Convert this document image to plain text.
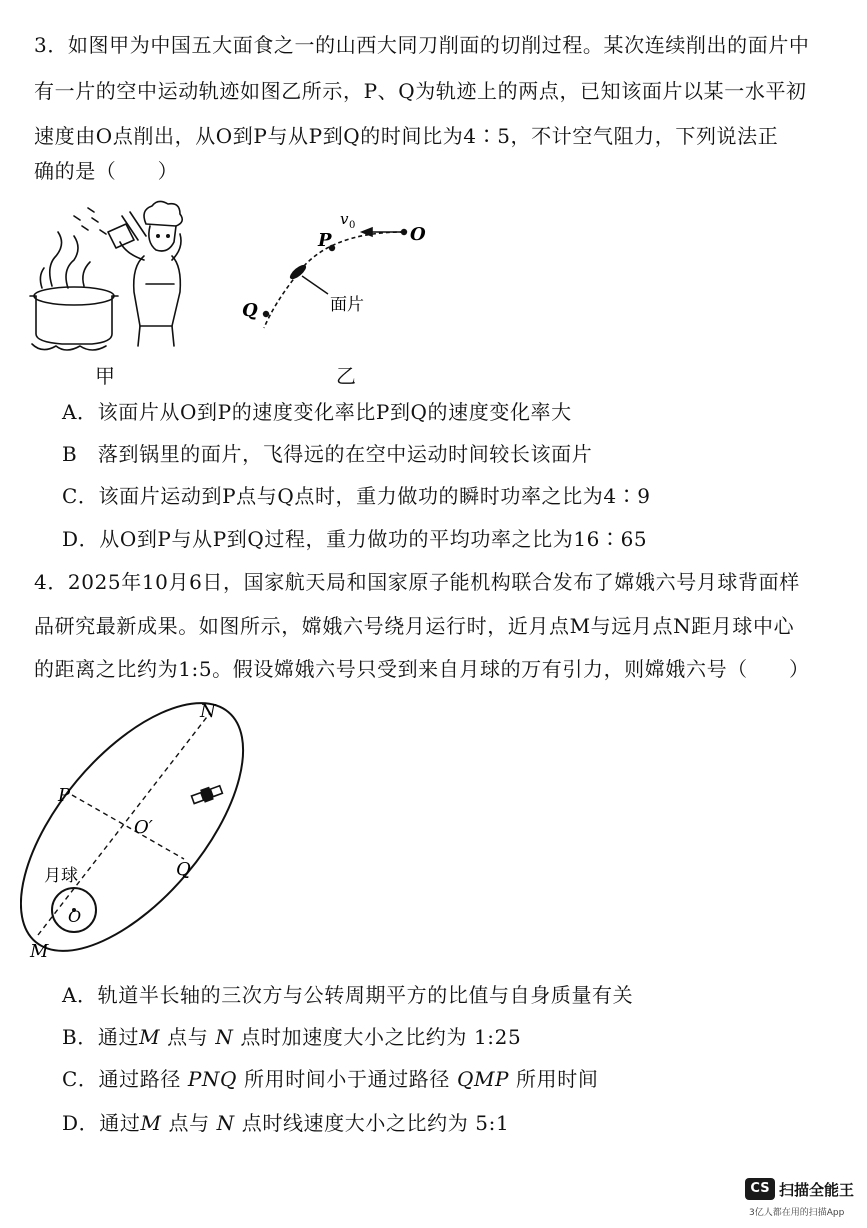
3．如图甲为中国五大面食之一的山西大同刀削面的切削过程。某次连续削出的面片中
有一片的空中运动轨迹如图乙所示，P、Q为轨迹上的两点，已知该面片以某一水平初
速度由O点削出，从O到P与从P到Q的时间比为4∶5，不计空气阻力，下列说法正
确的是（　　）
甲
v 0	O
P
Q	面片
乙
A．该面片从O到P的速度变化率比P到Q的速度变化率大
B　落到锅里的面片，飞得远的在空中运动时间较长该面片
C．该面片运动到P点与Q点时，重力做功的瞬时功率之比为4∶9
D．从O到P与从P到Q过程，重力做功的平均功率之比为16∶65
4．2025年10月6日，国家航天局和国家原子能机构联合发布了嫦娥六号月球背面样
品研究最新成果。如图所示，嫦娥六号绕月运行时，近月点M与远月点N距月球中心
的距离之比约为1:5。假设嫦娥六号只受到来自月球的万有引力，则嫦娥六号（　　）
N
P
O′
Q
月球
O
M
A．轨道半长轴的三次方与公转周期平方的比值与自身质量有关
B．通过M 点与 N 点时加速度大小之比约为 1:25
C．通过路径 PNQ 所用时间小于通过路径 QMP 所用时间
D．通过M 点与 N 点时线速度大小之比约为 5:1
CS 扫描全能王
3亿人都在用的扫描App
